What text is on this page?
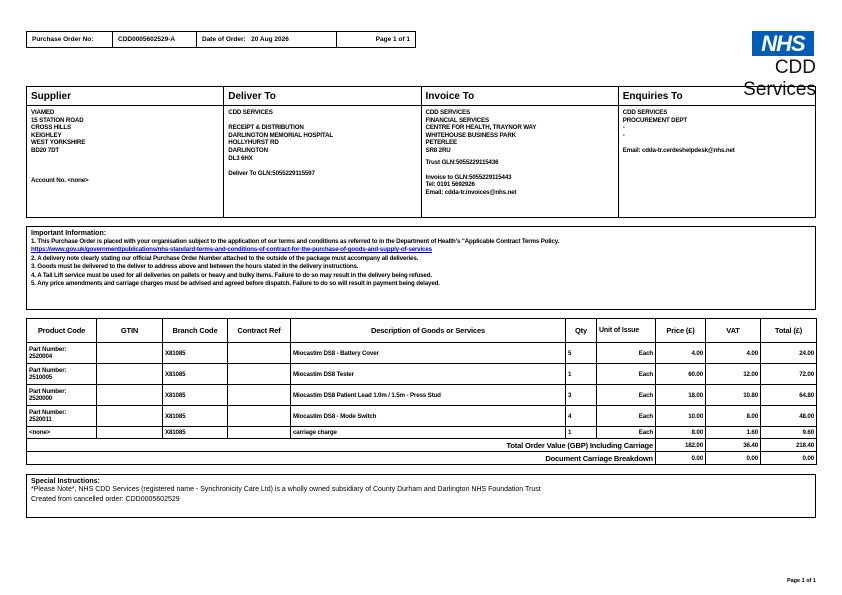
Purchase Order No:	CDD0005602529-A	Date of Order:
20 Aug 2026	Page 1 of 1	NHS
CDD Services
Supplier
VIAMED
15 STATION ROAD
CROSS HILLS
KEIGHLEY
WEST YORKSHIRE
BD20 7DT
Account No. <none>
Deliver To
CDD SERVICES
RECEIPT & DISTRIBUTION
DARLINGTON MEMORIAL HOSPITAL
HOLLYHURST RD
DARLINGTON
DL3 6HX
Deliver To GLN:5055229115597
Invoice To
CDD SERVICES
FINANCIAL SERVICES
CENTRE FOR HEALTH, TRAYNOR WAY
WHITEHOUSE BUSINESS PARK
PETERLEE
SR8 2RU
Trust GLN:5055229115436
Invoice to GLN:5055229115443
Tel: 0191 5692926
Email: cdda-tr.invoices@nhs.net
Enquiries To
CDD SERVICES
PROCUREMENT DEPT
-
-
Email: cdda-tr.cerdeshelpdesk@nhs.net
Important Information:
1. This Purchase Order is placed with your organisation subject to the application of our terms and conditions as referred to in the Department of Health's "Applicable Contract Terms Policy.
https://www.gov.uk/government/publications/nhs-standard-terms-and-conditions-of-contract-for-the-purchase-of-goods-and-supply-of-services
2. A delivery note clearly stating our official Purchase Order Number attached to the outside of the package must accompany all deliveries.
3. Goods must be delivered to the deliver to address above and between the hours stated in the delivery instructions.
4. A Tail Lift service must be used for all deliveries on pallets or heavy and bulky items. Failure to do so may result in the delivery being refused.
5. Any price amendments and carriage charges must be advised and agreed before dispatch. Failure to do so will result in payment being delayed.
Product Code	GTIN	Branch Code	Contract Ref	Description of Goods or Services	Qty	Unit of Issue	Price (£)	VAT	Total (£)

Part Number:
2520004		X81085		Miocastim DS8 - Battery Cover	5	Each	4.00	4.00	24.00

Part Number:
2510005		X81085		Miocastim DS8 Tester	1	Each	60.00	12.00	72.00

Part Number:
2520000		X81085		Miocastim DS8 Patient Lead 1.0m / 1.5m - Press Stud	3	Each	18.00	10.80	64.80

Part Number:
2520011		X81085		Miocastim DS8 - Mode Switch	4	Each	10.00	8.00	48.00
<none>		X81085		carriage charge	1	Each	8.00	1.60	9.60
Total Order Value (GBP) Including Carriage							182.00	36.40	218.40
Document Carriage Breakdown							0.00	0.00	0.00
Special Instructions:
*Please Note*, NHS CDD Services (registered name - Synchronicity Care Ltd) is a wholly owned subsidiary of County Durham and Darlington NHS Foundation Trust
Created from cancelled order: CDD0005602529
Page 1 of 1
